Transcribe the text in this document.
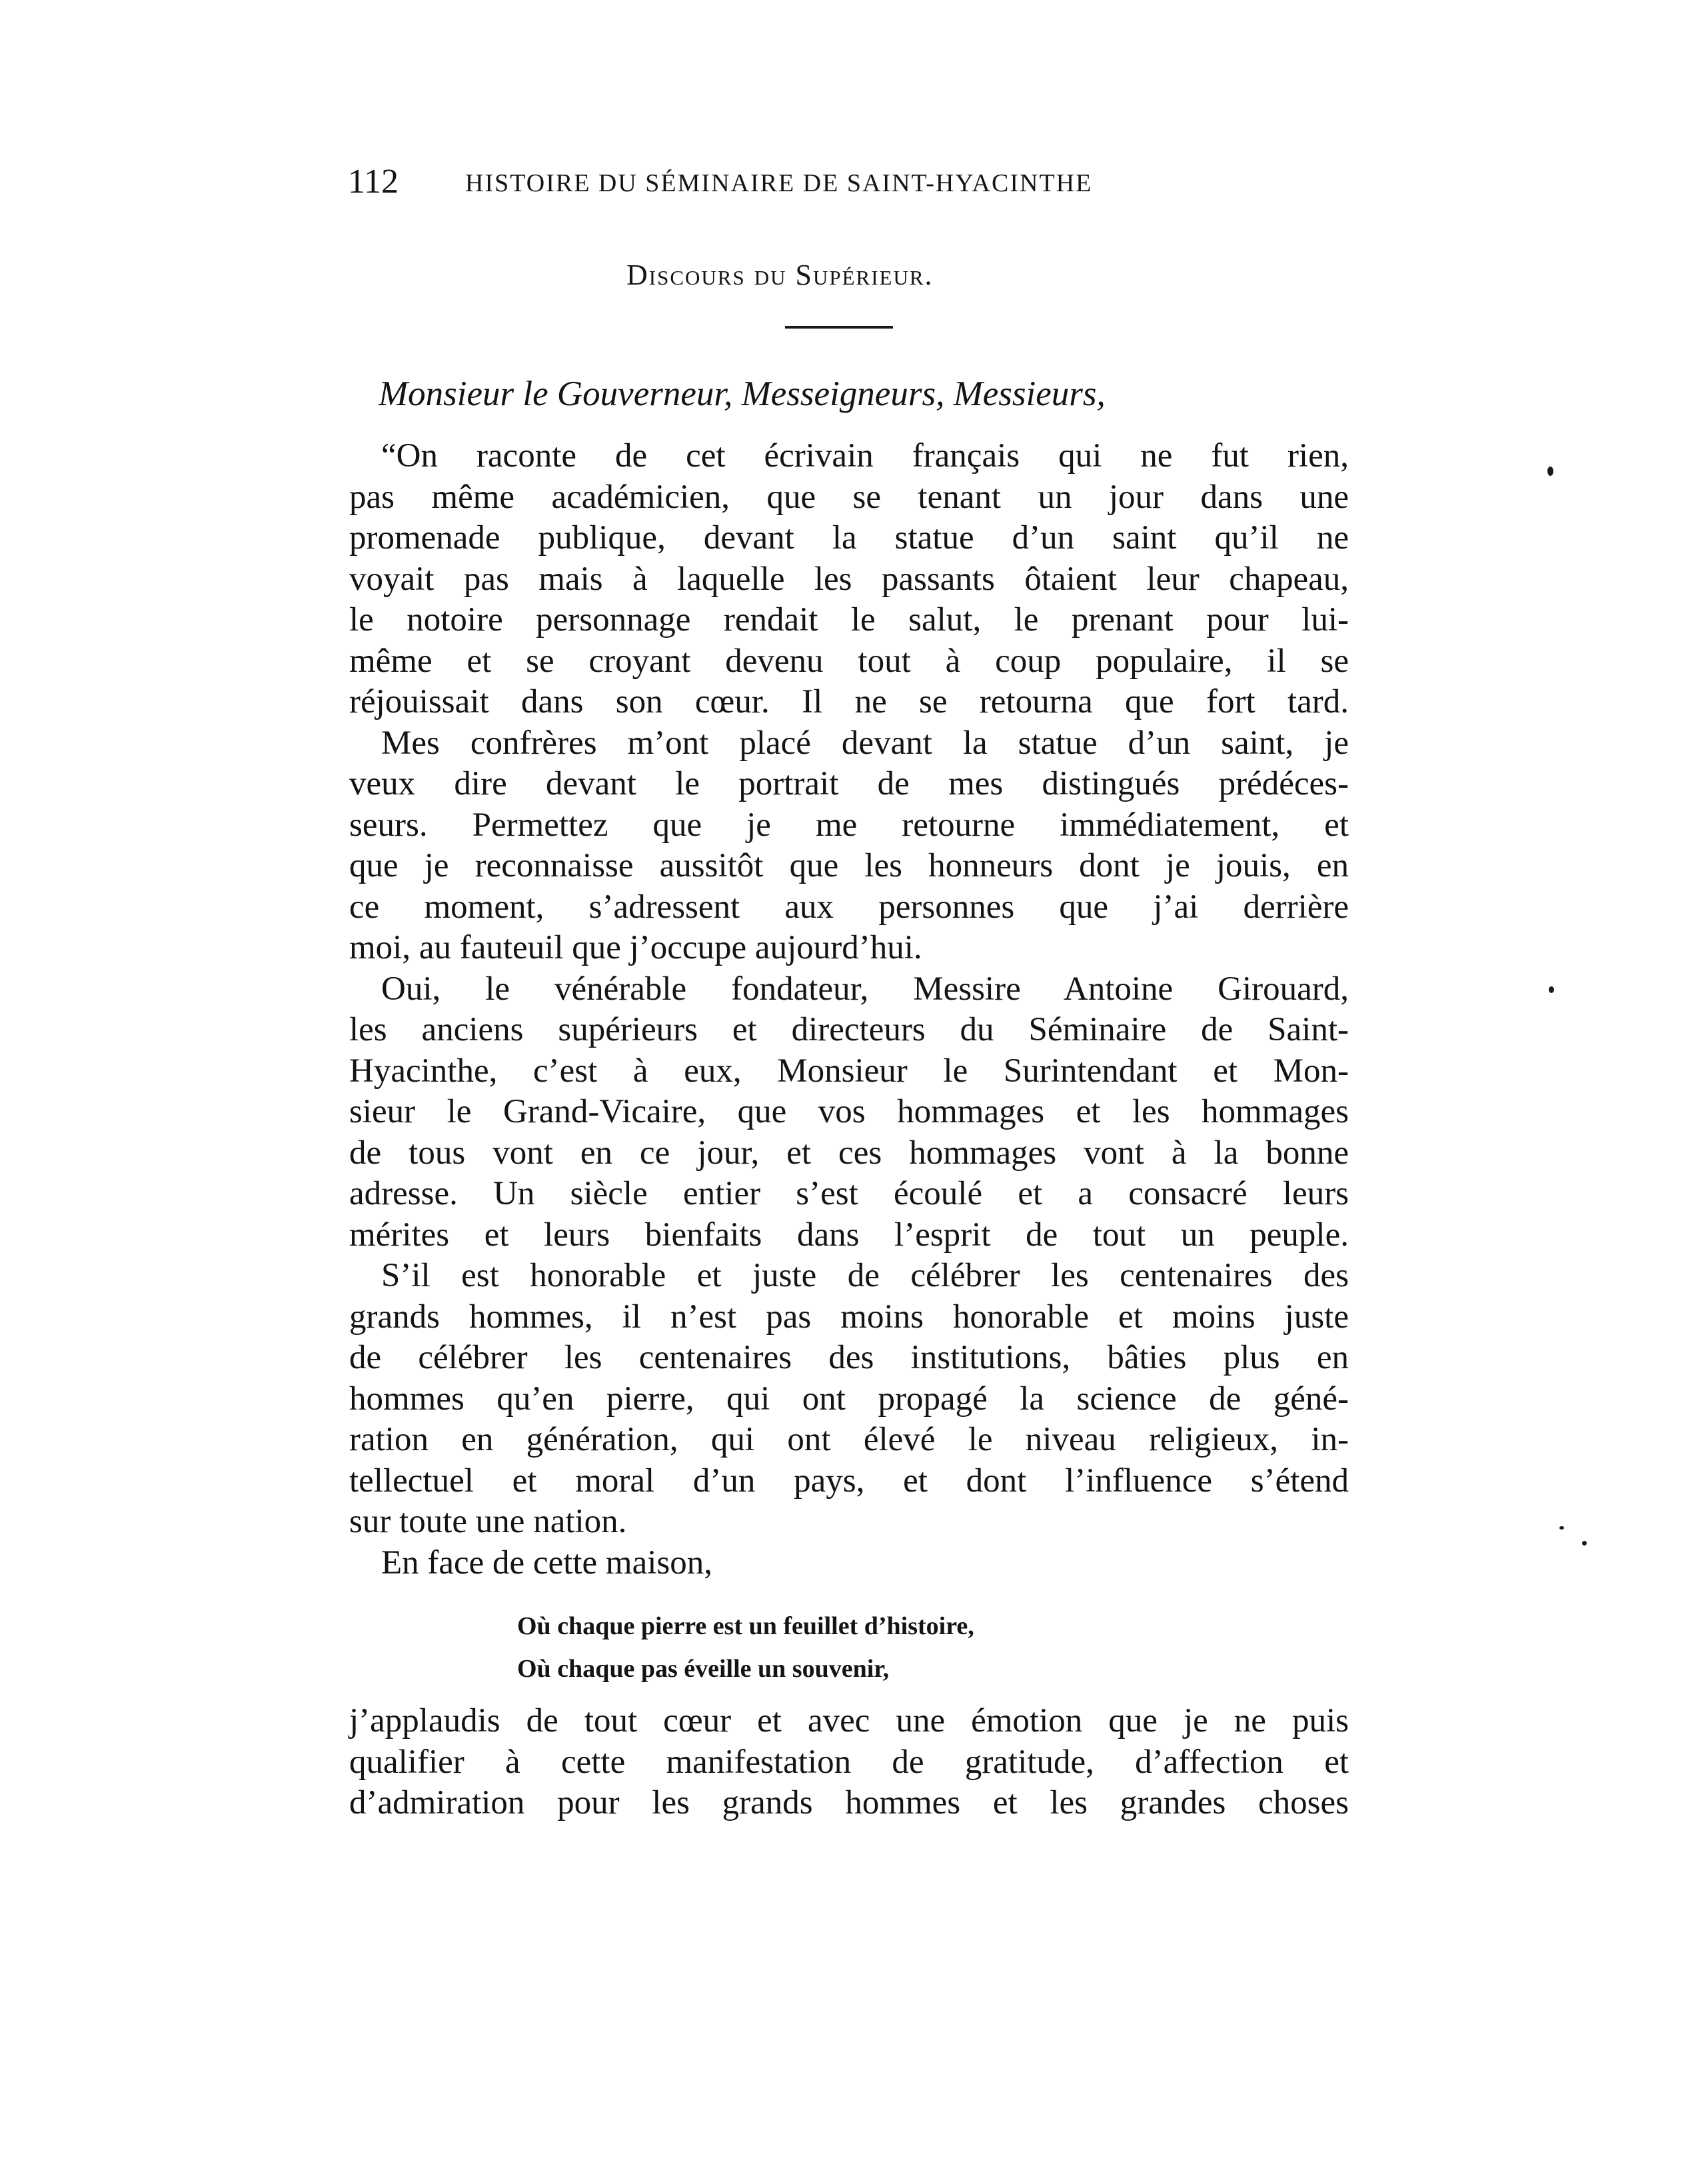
112	HISTOIRE DU SÉMINAIRE DE SAINT-HYACINTHE
Discours du Supérieur.
Monsieur le Gouverneur, Messeigneurs, Messieurs,
“On raconte de cet écrivain français qui ne fut rien,
pas même académicien, que se tenant un jour dans une
promenade publique, devant la statue d’un saint qu’il ne
voyait pas mais à laquelle les passants ôtaient leur chapeau,
le notoire personnage rendait le salut, le prenant pour lui-
même et se croyant devenu tout à coup populaire, il se
réjouissait dans son cœur. Il ne se retourna que fort tard.
Mes confrères m’ont placé devant la statue d’un saint, je
veux dire devant le portrait de mes distingués prédéces-
seurs. Permettez que je me retourne immédiatement, et
que je reconnaisse aussitôt que les honneurs dont je jouis, en
ce moment, s’adressent aux personnes que j’ai derrière
moi, au fauteuil que j’occupe aujourd’hui.
Oui, le vénérable fondateur, Messire Antoine Girouard,
les anciens supérieurs et directeurs du Séminaire de Saint-
Hyacinthe, c’est à eux, Monsieur le Surintendant et Mon-
sieur le Grand-Vicaire, que vos hommages et les hommages
de tous vont en ce jour, et ces hommages vont à la bonne
adresse. Un siècle entier s’est écoulé et a consacré leurs
mérites et leurs bienfaits dans l’esprit de tout un peuple.
S’il est honorable et juste de célébrer les centenaires des
grands hommes, il n’est pas moins honorable et moins juste
de célébrer les centenaires des institutions, bâties plus en
hommes qu’en pierre, qui ont propagé la science de géné-
ration en génération, qui ont élevé le niveau religieux, in-
tellectuel et moral d’un pays, et dont l’influence s’étend
sur toute une nation.
En face de cette maison,
Où chaque pierre est un feuillet d’histoire,
Où chaque pas éveille un souvenir,
j’applaudis de tout cœur et avec une émotion que je ne puis
qualifier à cette manifestation de gratitude, d’affection et
d’admiration pour les grands hommes et les grandes choses
